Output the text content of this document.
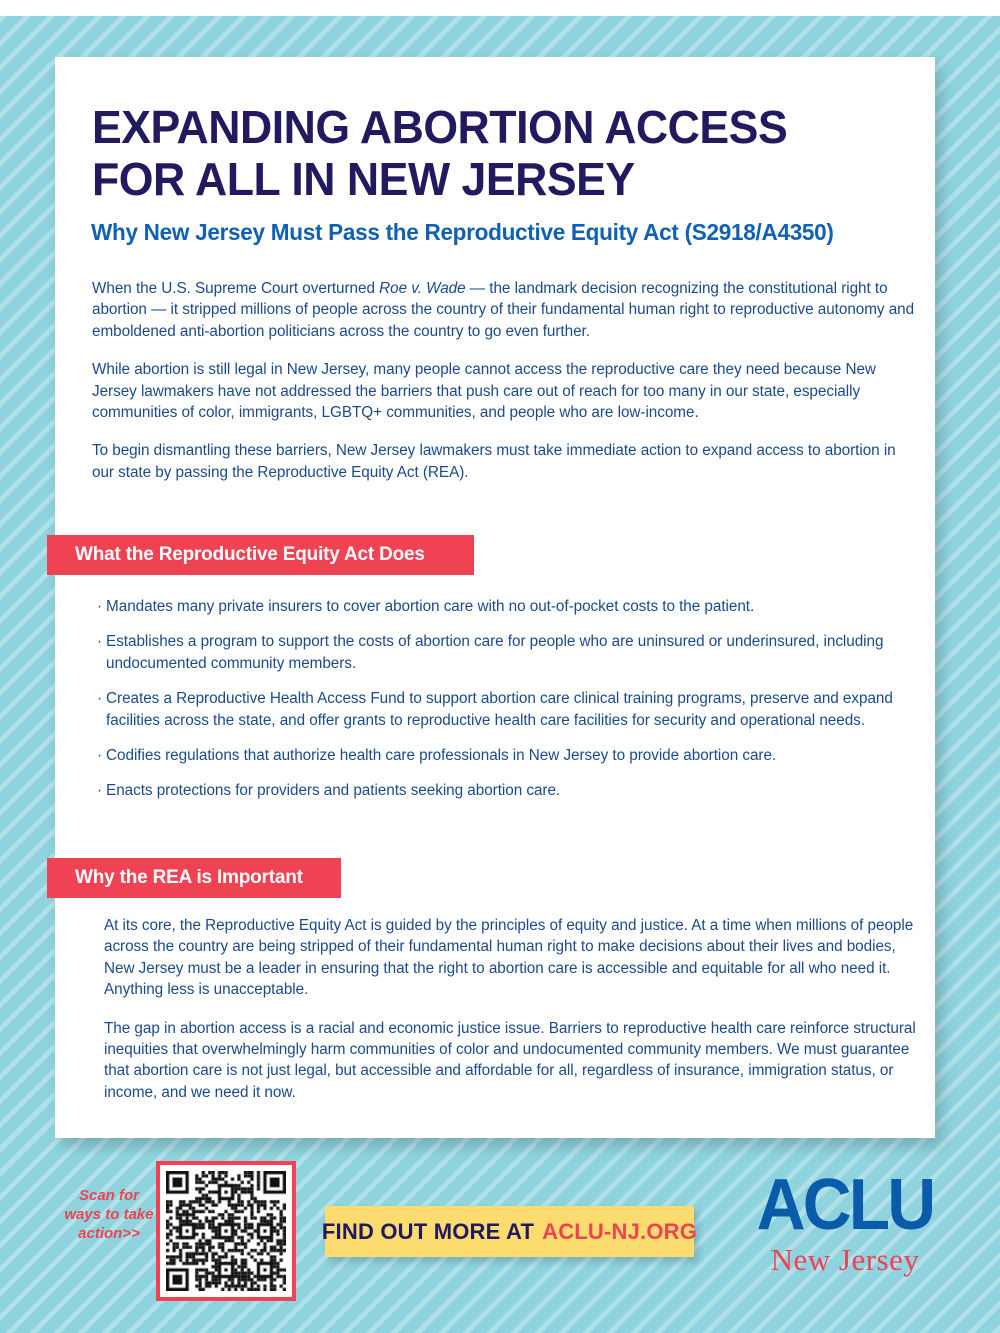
EXPANDING ABORTION ACCESS
FOR ALL IN NEW JERSEY
Why New Jersey Must Pass the Reproductive Equity Act (S2918/A4350)

When the U.S. Supreme Court overturned Roe v. Wade — the landmark decision recognizing the constitutional right to abortion — it stripped millions of people across the country of their fundamental human right to reproductive autonomy and emboldened anti-abortion politicians across the country to go even further.

While abortion is still legal in New Jersey, many people cannot access the reproductive care they need because New Jersey lawmakers have not addressed the barriers that push care out of reach for too many in our state, especially communities of color, immigrants, LGBTQ+ communities, and people who are low-income.

To begin dismantling these barriers, New Jersey lawmakers must take immediate action to expand access to abortion in our state by passing the Reproductive Equity Act (REA).

What the Reproductive Equity Act Does

· Mandates many private insurers to cover abortion care with no out-of-pocket costs to the patient.

· Establishes a program to support the costs of abortion care for people who are uninsured or underinsured, including undocumented community members.

· Creates a Reproductive Health Access Fund to support abortion care clinical training programs, preserve and expand facilities across the state, and offer grants to reproductive health care facilities for security and operational needs.

· Codifies regulations that authorize health care professionals in New Jersey to provide abortion care.

· Enacts protections for providers and patients seeking abortion care.

Why the REA is Important

At its core, the Reproductive Equity Act is guided by the principles of equity and justice. At a time when millions of people across the country are being stripped of their fundamental human right to make decisions about their lives and bodies, New Jersey must be a leader in ensuring that the right to abortion care is accessible and equitable for all who need it. Anything less is unacceptable.

The gap in abortion access is a racial and economic justice issue. Barriers to reproductive health care reinforce structural inequities that overwhelmingly harm communities of color and undocumented community members. We must guarantee that abortion care is not just legal, but accessible and affordable for all, regardless of insurance, immigration status, or income, and we need it now.

Scan for ways to take action>>	FIND OUT MORE AT ACLU-NJ.ORG ACLU
New Jersey
